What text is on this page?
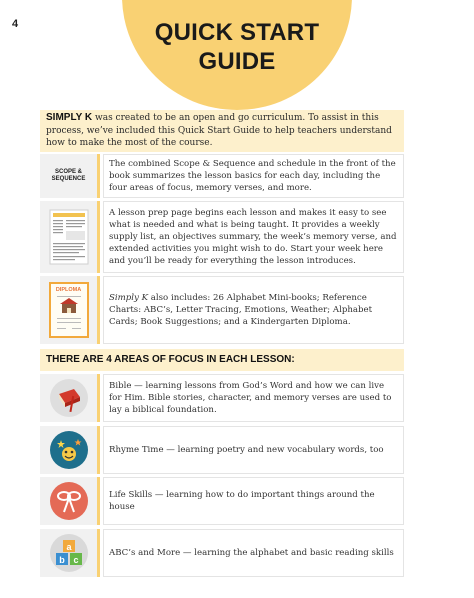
4	QUICK START
GUIDE
SIMPLY K was created to be an open and go curriculum. To assist in this process, we’ve included this Quick Start Guide to help teachers understand how to make the most of the course.
SCOPE & SEQUENCE
The combined Scope & Sequence and schedule in the front of the book summarizes the lesson basics for each day, including the four areas of focus, memory verses, and more.
A lesson prep page begins each lesson and makes it easy to see what is needed and what is being taught. It provides a weekly supply list, an objectives summary, the week’s memory verse, and extended activities you might wish to do. Start your week here and you’ll be ready for everything the lesson introduces.
DIPLOMA
Simply K also includes: 26 Alphabet Mini-books; Reference Charts: ABC’s, Letter Tracing, Emotions, Weather; Alphabet Cards; Book Suggestions; and a Kindergarten Diploma.
THERE ARE 4 AREAS OF FOCUS IN EACH LESSON:
Bible — learning lessons from God’s Word and how we can live for Him. Bible stories, character, and memory verses are used to lay a biblical foundation.
Rhyme Time — learning poetry and new vocabulary words, too
Life Skills — learning how to do important things around the house
a
b c
ABC’s and More — learning the alphabet and basic reading skills
